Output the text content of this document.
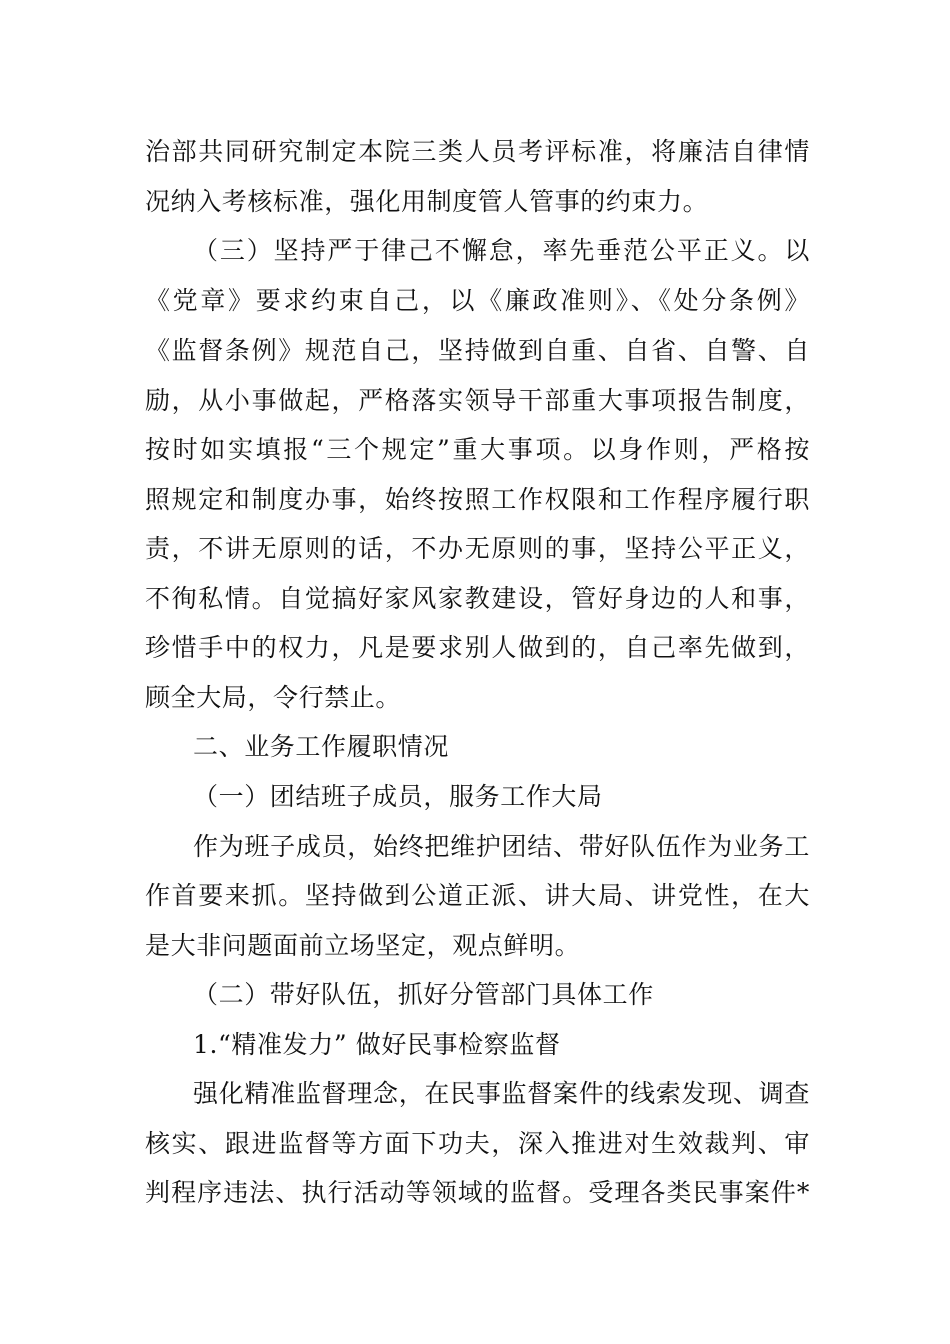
治部共同研究制定本院三类人员考评标准，将廉洁自律情

况纳入考核标准，强化用制度管人管事的约束力。

（三）坚持严于律己不懈怠，率先垂范公平正义。以

《党章》要求约束自己，以《廉政准则》、《处分条例》

《监督条例》规范自己，坚持做到自重、自省、自警、自

励，从小事做起，严格落实领导干部重大事项报告制度，

按时如实填报“三个规定”重大事项。以身作则，严格按

照规定和制度办事，始终按照工作权限和工作程序履行职

责，不讲无原则的话，不办无原则的事，坚持公平正义，

不徇私情。自觉搞好家风家教建设，管好身边的人和事，

珍惜手中的权力，凡是要求别人做到的，自己率先做到，

顾全大局，令行禁止。

二、业务工作履职情况

（一）团结班子成员，服务工作大局

作为班子成员，始终把维护团结、带好队伍作为业务工

作首要来抓。坚持做到公道正派、讲大局、讲党性，在大

是大非问题面前立场坚定，观点鲜明。

（二）带好队伍，抓好分管部门具体工作

1.“精准发力” 做好民事检察监督

强化精准监督理念，在民事监督案件的线索发现、调查

核实、跟进监督等方面下功夫，深入推进对生效裁判、审

判程序违法、执行活动等领域的监督。受理各类民事案件*
